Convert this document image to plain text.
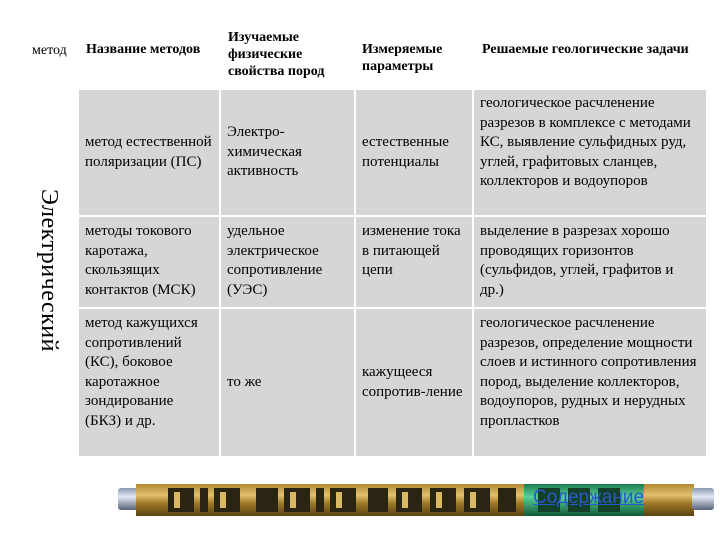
метод	Название методов
Изучаемые физические свойства пород
Измеряемые параметры
Решаемые геологические задачи
Электрический
метод естественной поляризации (ПС)
Электро-химическая активность
естественные потенциалы
геологическое расчленение разрезов в комплексе с методами КС, выявление сульфидных руд, углей, графитовых сланцев, коллекторов и водоупоров
методы токового каротажа, скользящих контактов (МСК)
удельное электрическое сопротивление (УЭС)
изменение тока в питающей цепи
выделение в разрезах хорошо проводящих горизонтов (сульфидов, углей, графитов и др.)
метод кажущихся сопротивлений (КС), боковое каротажное зондирование (БКЗ) и др.
то же
кажущееся сопротив-ление
геологическое расчленение разрезов, определение мощности слоев и истинного сопротивления пород, выделение коллекторов, водоупоров, рудных и нерудных пропластков
Содержание
